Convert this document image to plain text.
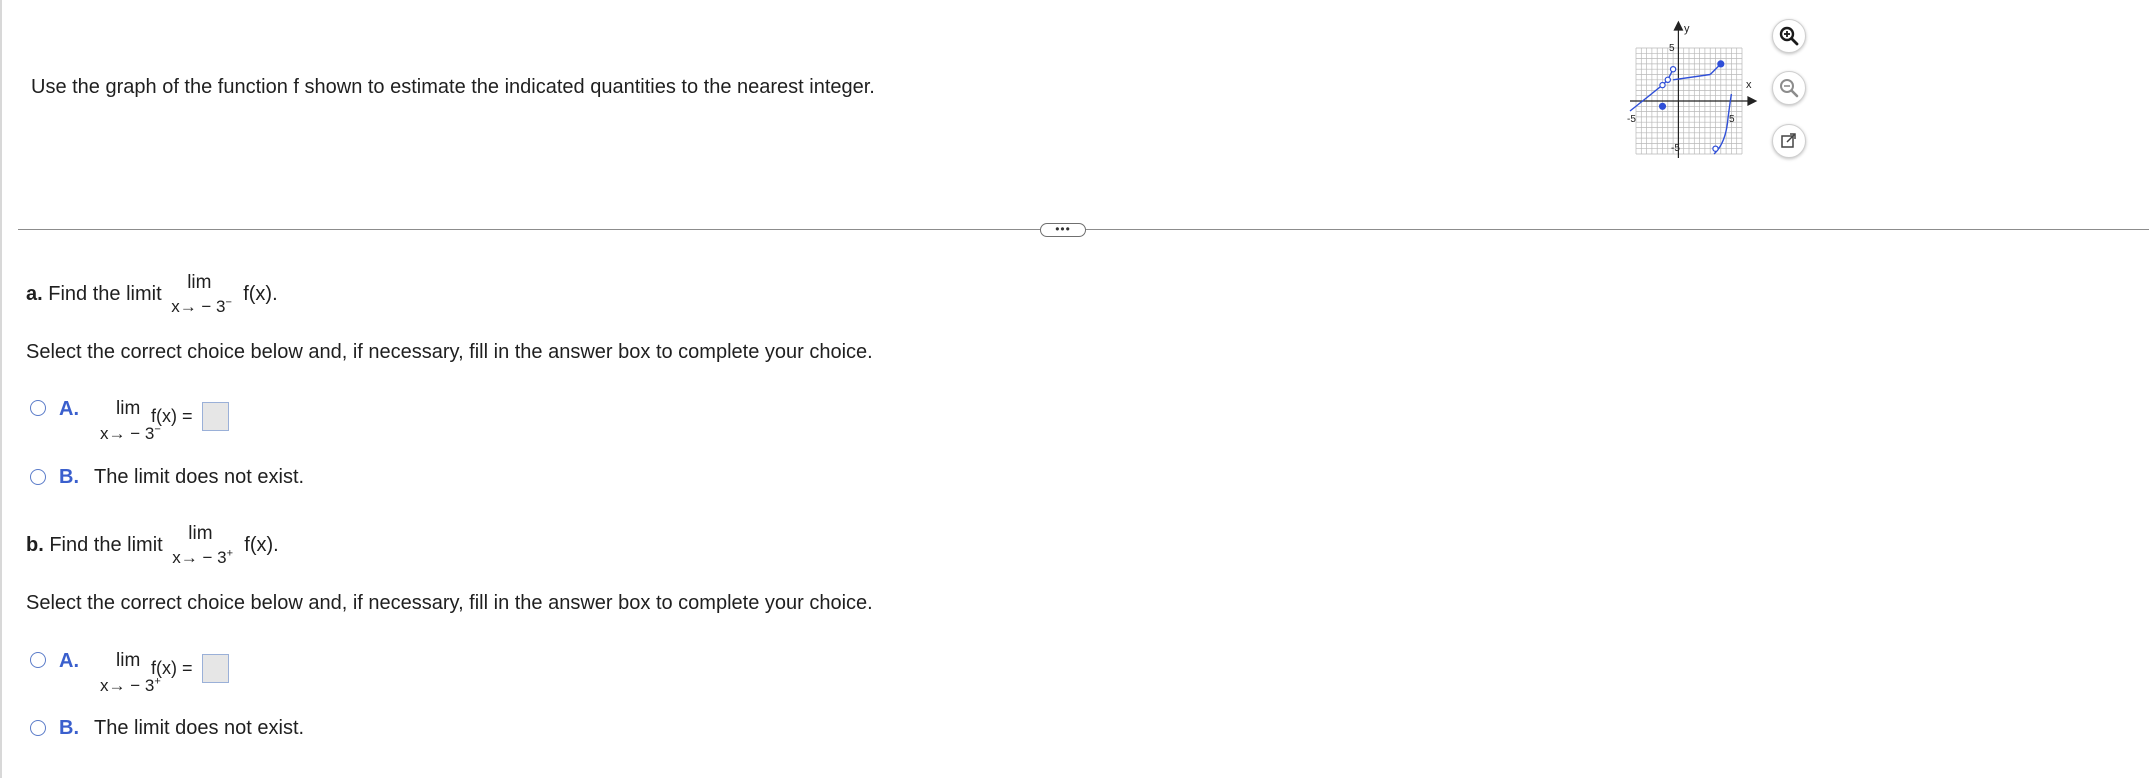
Use the graph of the function f shown to estimate the indicated quantities to the nearest integer.
y
x
5
-5	5
-5
•••
a. Find the limit
lim
x→ − 3− f(x).
Select the correct choice below and, if necessary, fill in the answer box to complete your choice.
A. lim
x→ − 3−
f(x) =
B. The limit does not exist.
b. Find the limit
lim
x→ − 3+ f(x).
Select the correct choice below and, if necessary, fill in the answer box to complete your choice.
A. lim
x→ − 3+
f(x) =
B. The limit does not exist.
